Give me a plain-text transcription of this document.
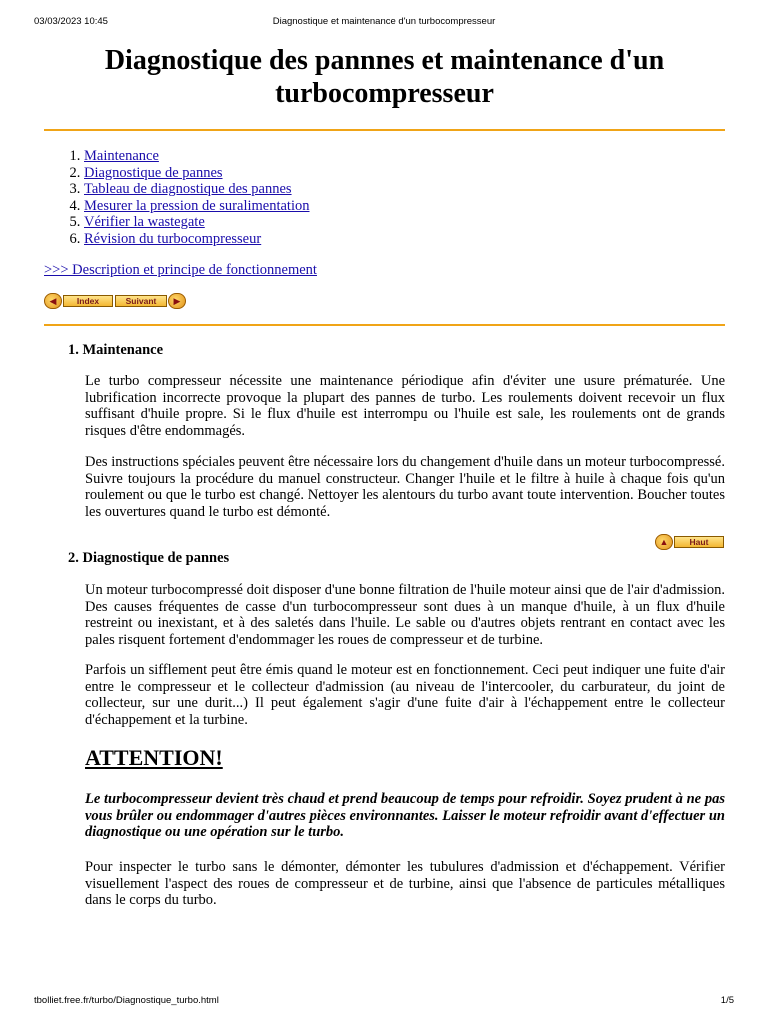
03/03/2023 10:45	Diagnostique et maintenance d'un turbocompresseur
Diagnostique des pannnes et maintenance d'un turbocompresseur
1. Maintenance
2. Diagnostique de pannes
3. Tableau de diagnostique des pannes
4. Mesurer la pression de suralimentation
5. Vérifier la wastegate
6. Révision du turbocompresseur
>>> Description et principe de fonctionnement
◀	Index	Suivant	▶
1. Maintenance

Le turbo compresseur nécessite une maintenance périodique afin d'éviter une usure prématurée. Une lubrification incorrecte provoque la plupart des pannes de turbo. Les roulements doivent recevoir un flux suffisant d'huile propre. Si le flux d'huile est interrompu ou l'huile est sale, les roulements ont de grands risques d'être endommagés.

Des instructions spéciales peuvent être nécessaire lors du changement d'huile dans un moteur turbocompressé. Suivre toujours la procédure du manuel constructeur. Changer l'huile et le filtre à huile à chaque fois qu'un roulement ou que le turbo est changé. Nettoyer les alentours du turbo avant toute intervention. Boucher toutes les ouvertures quand le turbo est démonté.

▲	Haut
2. Diagnostique de pannes

Un moteur turbocompressé doit disposer d'une bonne filtration de l'huile moteur ainsi que de l'air d'admission. Des causes fréquentes de casse d'un turbocompresseur sont dues à un manque d'huile, à un flux d'huile restreint ou inexistant, et à des saletés dans l'huile. Le sable ou d'autres objets rentrant en contact avec les pales risquent fortement d'endommager les roues de compresseur et de turbine.

Parfois un sifflement peut être émis quand le moteur est en fonctionnement. Ceci peut indiquer une fuite d'air entre le compresseur et le collecteur d'admission (au niveau de l'intercooler, du carburateur, du joint de collecteur, sur une durit...) Il peut également s'agir d'une fuite d'air à l'échappement entre le collecteur d'échappement et la turbine.

ATTENTION!

Le turbocompresseur devient très chaud et prend beaucoup de temps pour refroidir. Soyez prudent à ne pas vous brûler ou endommager d'autres pièces environnantes. Laisser le moteur refroidir avant d'effectuer un diagnostique ou une opération sur le turbo.

Pour inspecter le turbo sans le démonter, démonter les tubulures d'admission et d'échappement. Vérifier visuellement l'aspect des roues de compresseur et de turbine, ainsi que l'absence de particules métalliques dans le corps du turbo.

tbolliet.free.fr/turbo/Diagnostique_turbo.html	1/5
